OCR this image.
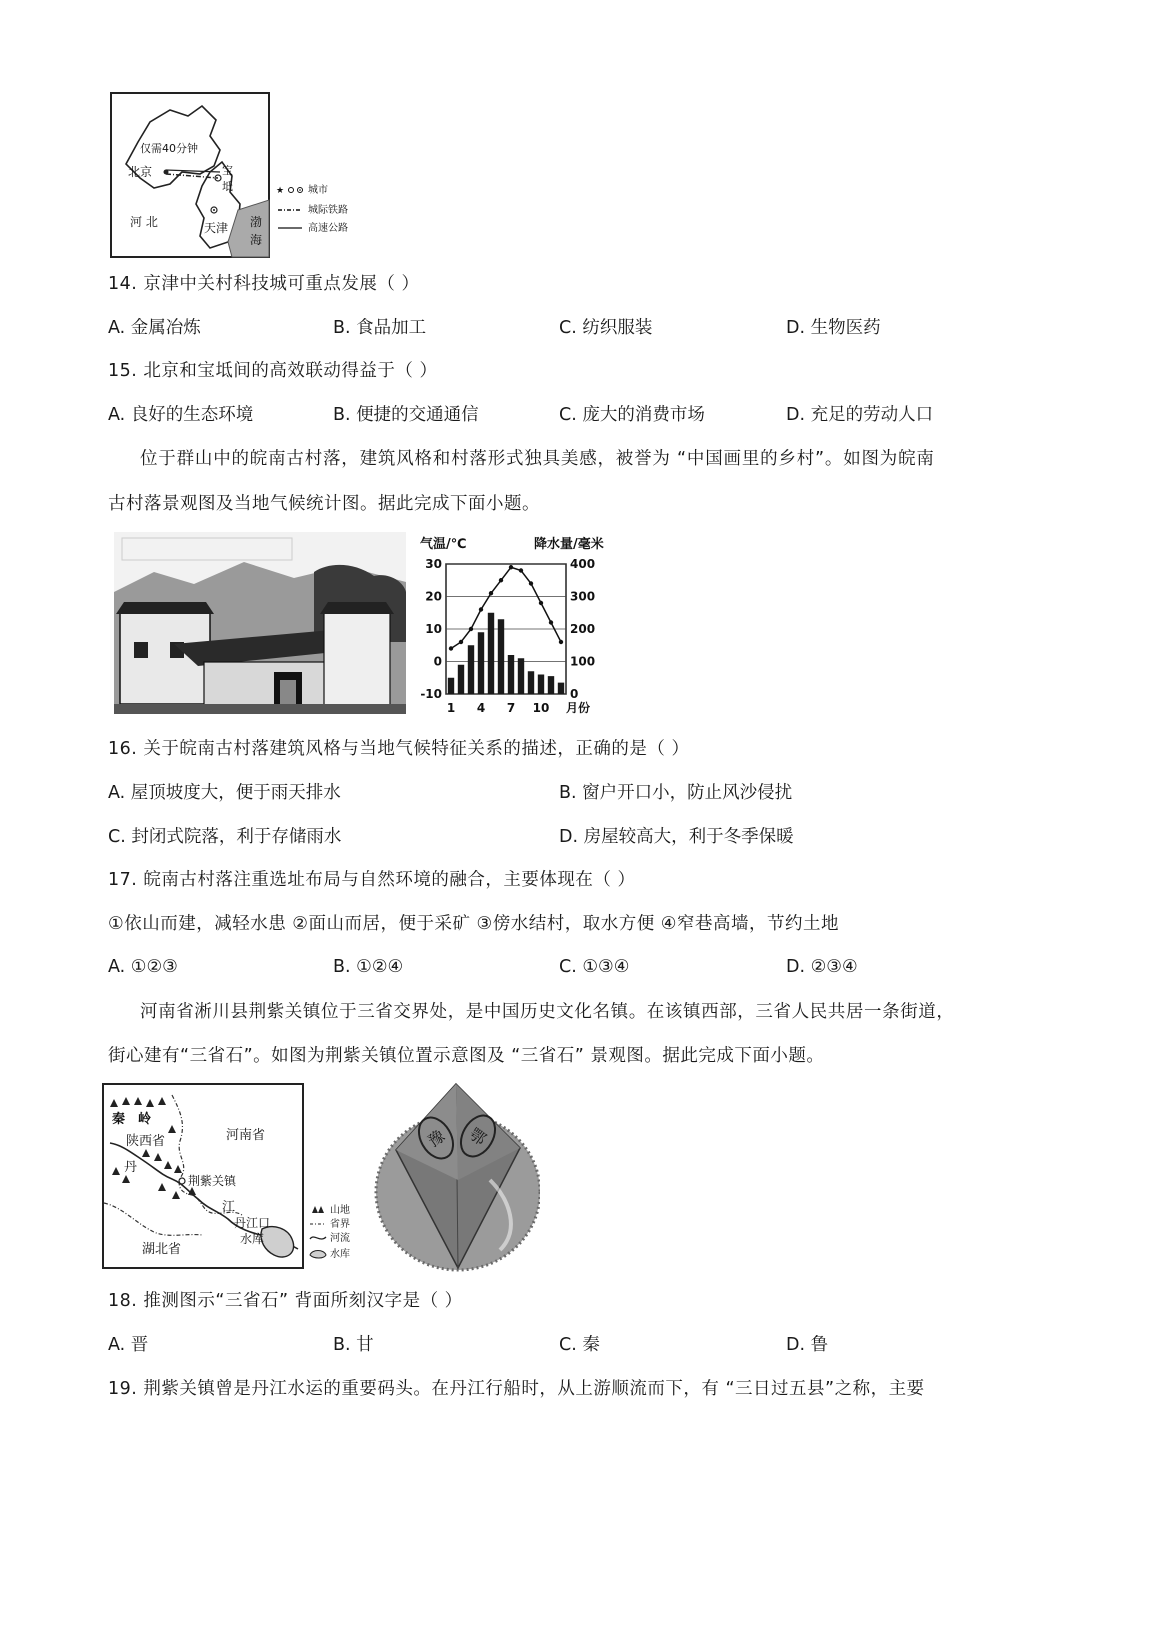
仅需40分钟
北京	宝
坻
河 北	天津 渤
海
★ 城市
城际铁路
高速公路
14. 京津中关村科技城可重点发展（ ）
A. 金属冶炼	B. 食品加工	C. 纺织服装	D. 生物医药
15. 北京和宝坻间的高效联动得益于（ ）
A. 良好的生态环境	B. 便捷的交通通信	C. 庞大的消费市场	D. 充足的劳动人口
位于群山中的皖南古村落，建筑风格和村落形式独具美感，被誉为 “中国画里的乡村”。如图为皖南
古村落景观图及当地气候统计图。据此完成下面小题。
气温/℃	降水量/毫米
30
20
10
0
-10
400
300
200
100
0
1 4 7 10 月份
16. 关于皖南古村落建筑风格与当地气候特征关系的描述，正确的是（ ）
A. 屋顶坡度大，便于雨天排水	B. 窗户开口小，防止风沙侵扰
C. 封闭式院落，利于存储雨水	D. 房屋较高大，利于冬季保暖
17. 皖南古村落注重选址布局与自然环境的融合，主要体现在（ ）
①依山而建，减轻水患 ②面山而居，便于采矿 ③傍水结村，取水方便 ④窄巷高墙，节约土地
A. ①②③	B. ①②④	C. ①③④	D. ②③④
河南省淅川县荆紫关镇位于三省交界处，是中国历史文化名镇。在该镇西部，三省人民共居一条街道，
街心建有“三省石”。如图为荆紫关镇位置示意图及 “三省石” 景观图。据此完成下面小题。
秦 岭
陕西省	河南省
丹
江
荆紫关镇
丹江口
水库
湖北省
山地
省界
河流
水库
豫 鄂
18. 推测图示“三省石” 背面所刻汉字是（ ）
A. 晋	B. 甘	C. 秦	D. 鲁
19. 荆紫关镇曾是丹江水运的重要码头。在丹江行船时，从上游顺流而下，有 “三日过五县”之称，主要
